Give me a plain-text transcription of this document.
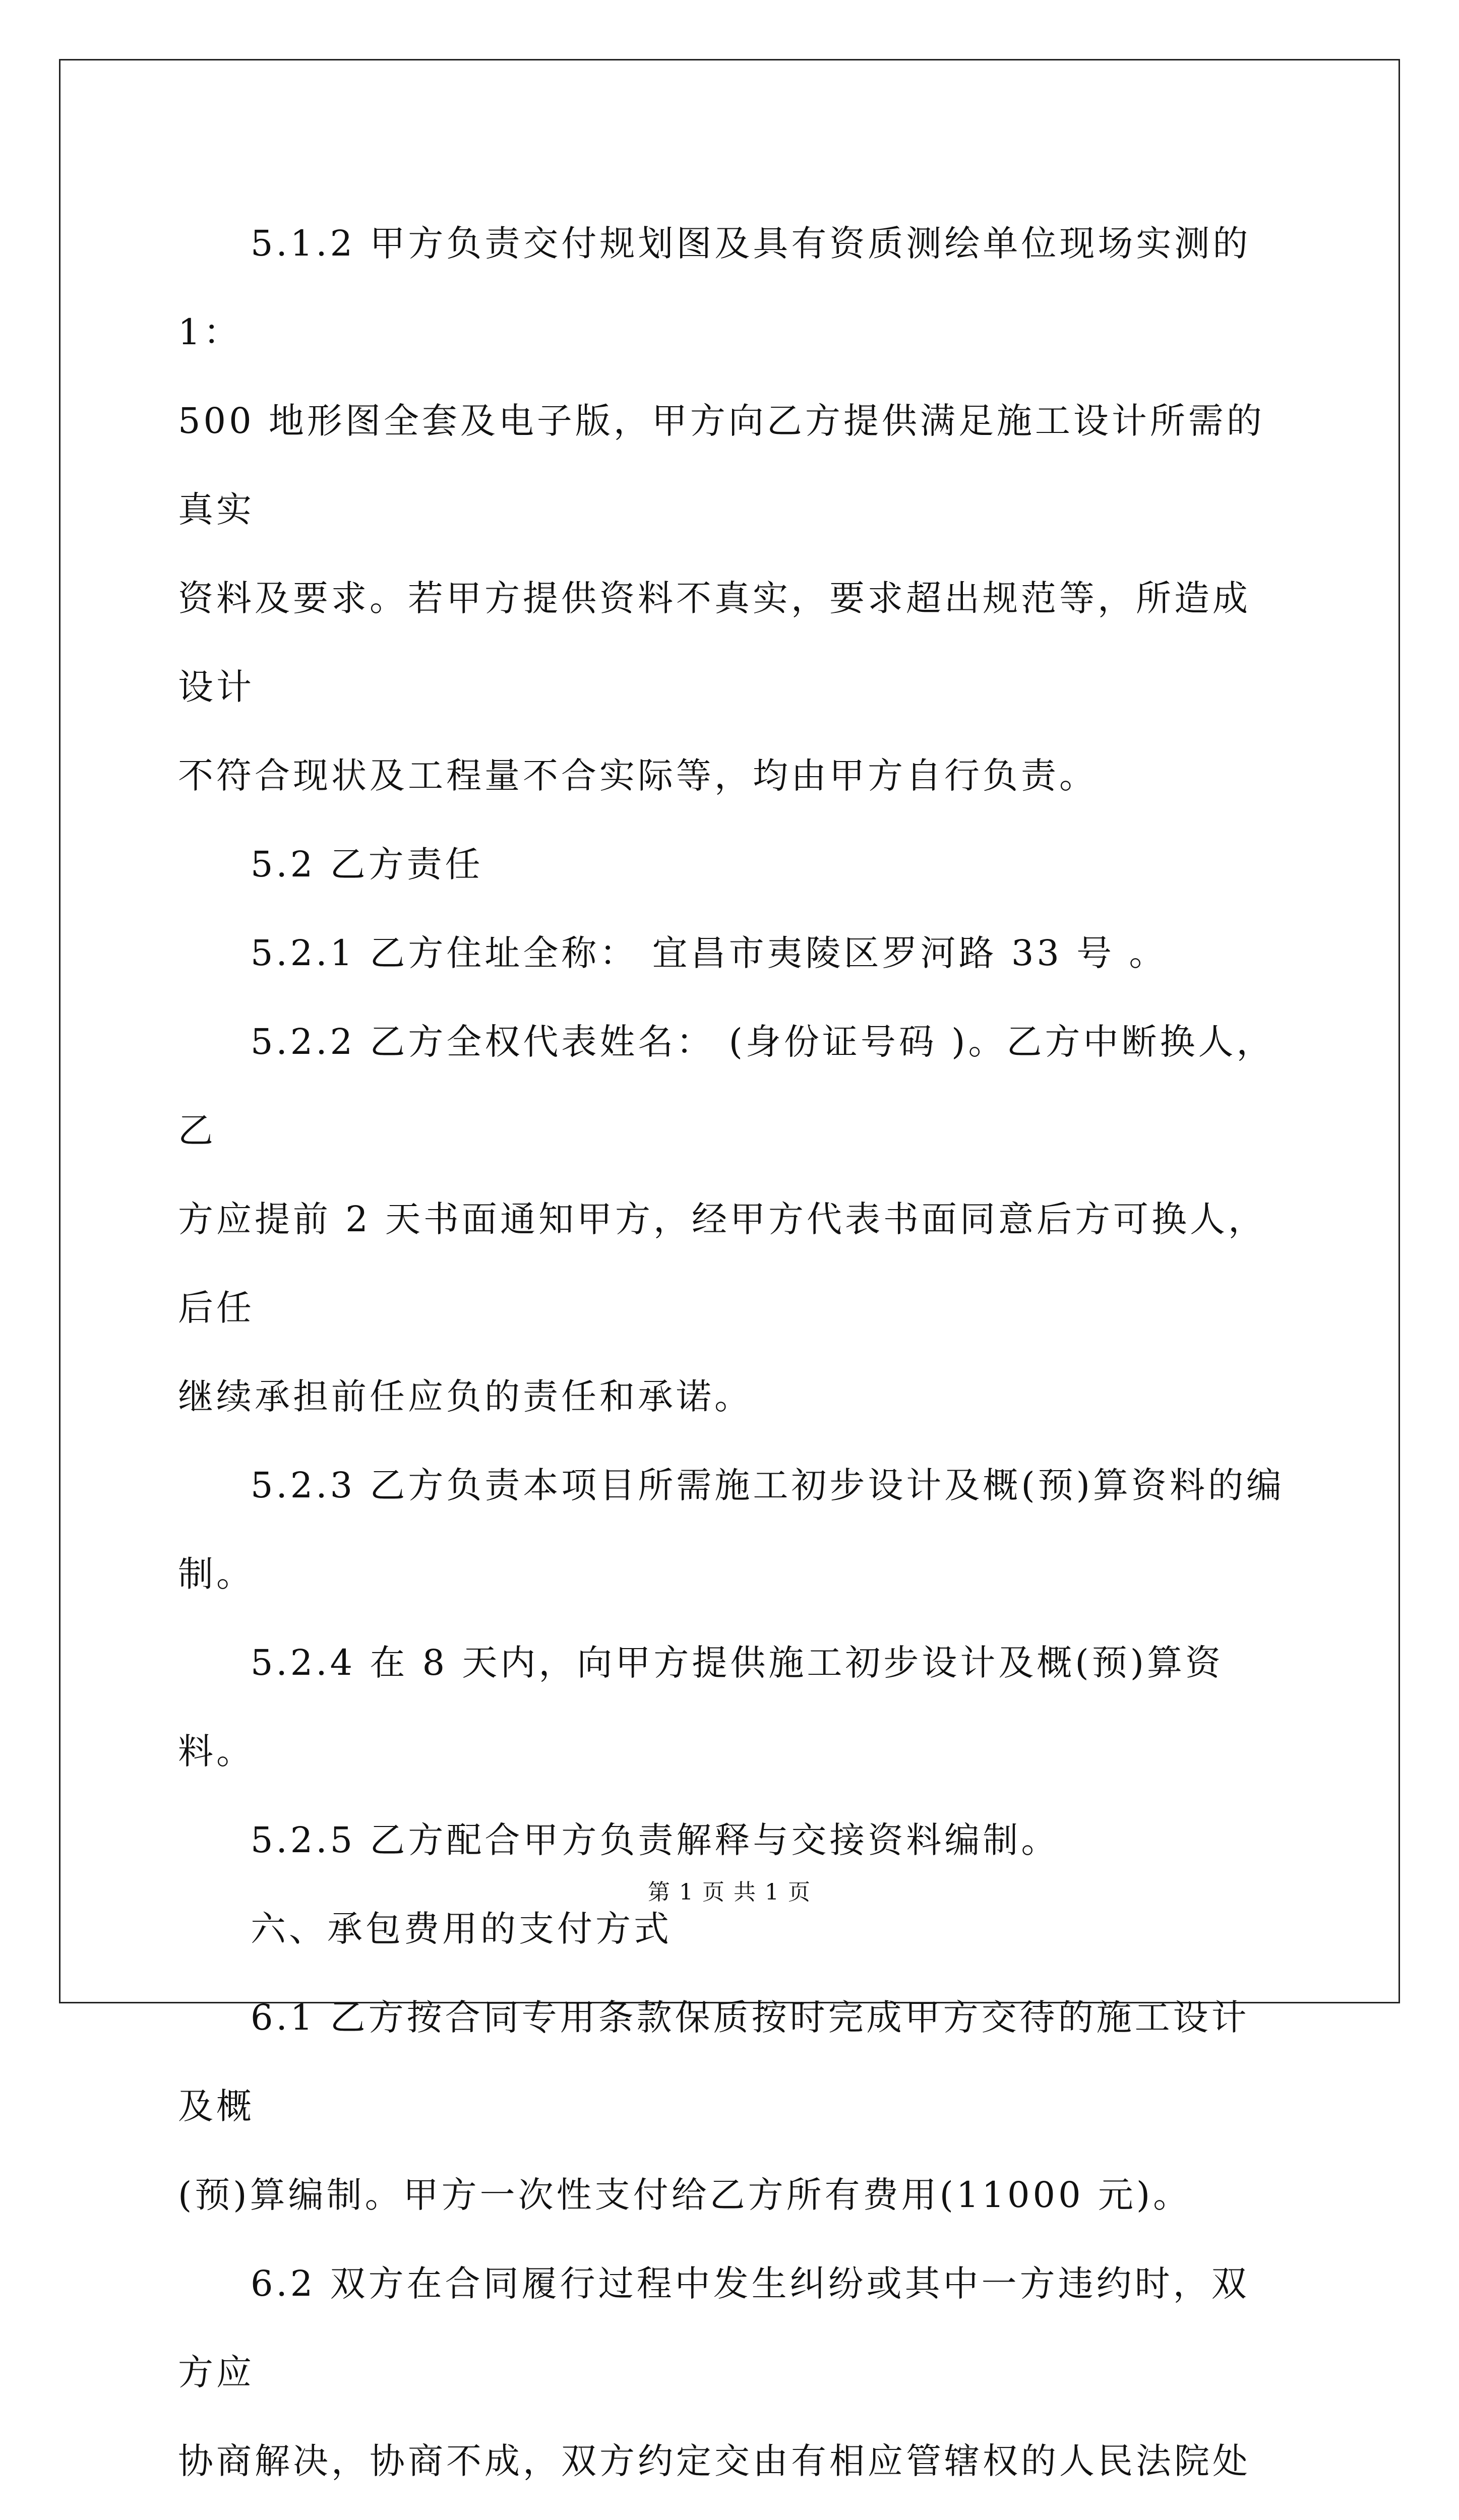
5.1.2 甲方负责交付规划图及具有资质测绘单位现场实测的 1：

500 地形图全套及电子版，甲方向乙方提供满足施工设计所需的真实

资料及要求。若甲方提供资料不真实，要求超出规范等，所造成设计

不符合现状及工程量不合实际等，均由甲方自行负责。

5.2 乙方责任

5.2.1 乙方住址全称： 宜昌市夷陵区罗河路 33 号 。

5.2.2 乙方全权代表姓名： (身份证号码 )。乙方中断换人，乙

方应提前 2 天书面通知甲方，经甲方代表书面同意后方可换人，后任

继续承担前任应负的责任和承诺。

5.2.3 乙方负责本项目所需施工初步设计及概(预)算资料的编制。

5.2.4 在 8 天内，向甲方提供施工初步设计及概(预)算资料。

5.2.5 乙方配合甲方负责解释与交接资料编制。

六、承包费用的支付方式

6.1 乙方按合同专用条款保质按时完成甲方交待的施工设计及概

(预)算编制。甲方一次性支付给乙方所有费用(11000 元)。

6.2 双方在合同履行过程中发生纠纷或其中一方违约时，双方应

协商解决，协商不成，双方约定交由有相应管辖权的人民法院处

第 1 页 共 1 页
